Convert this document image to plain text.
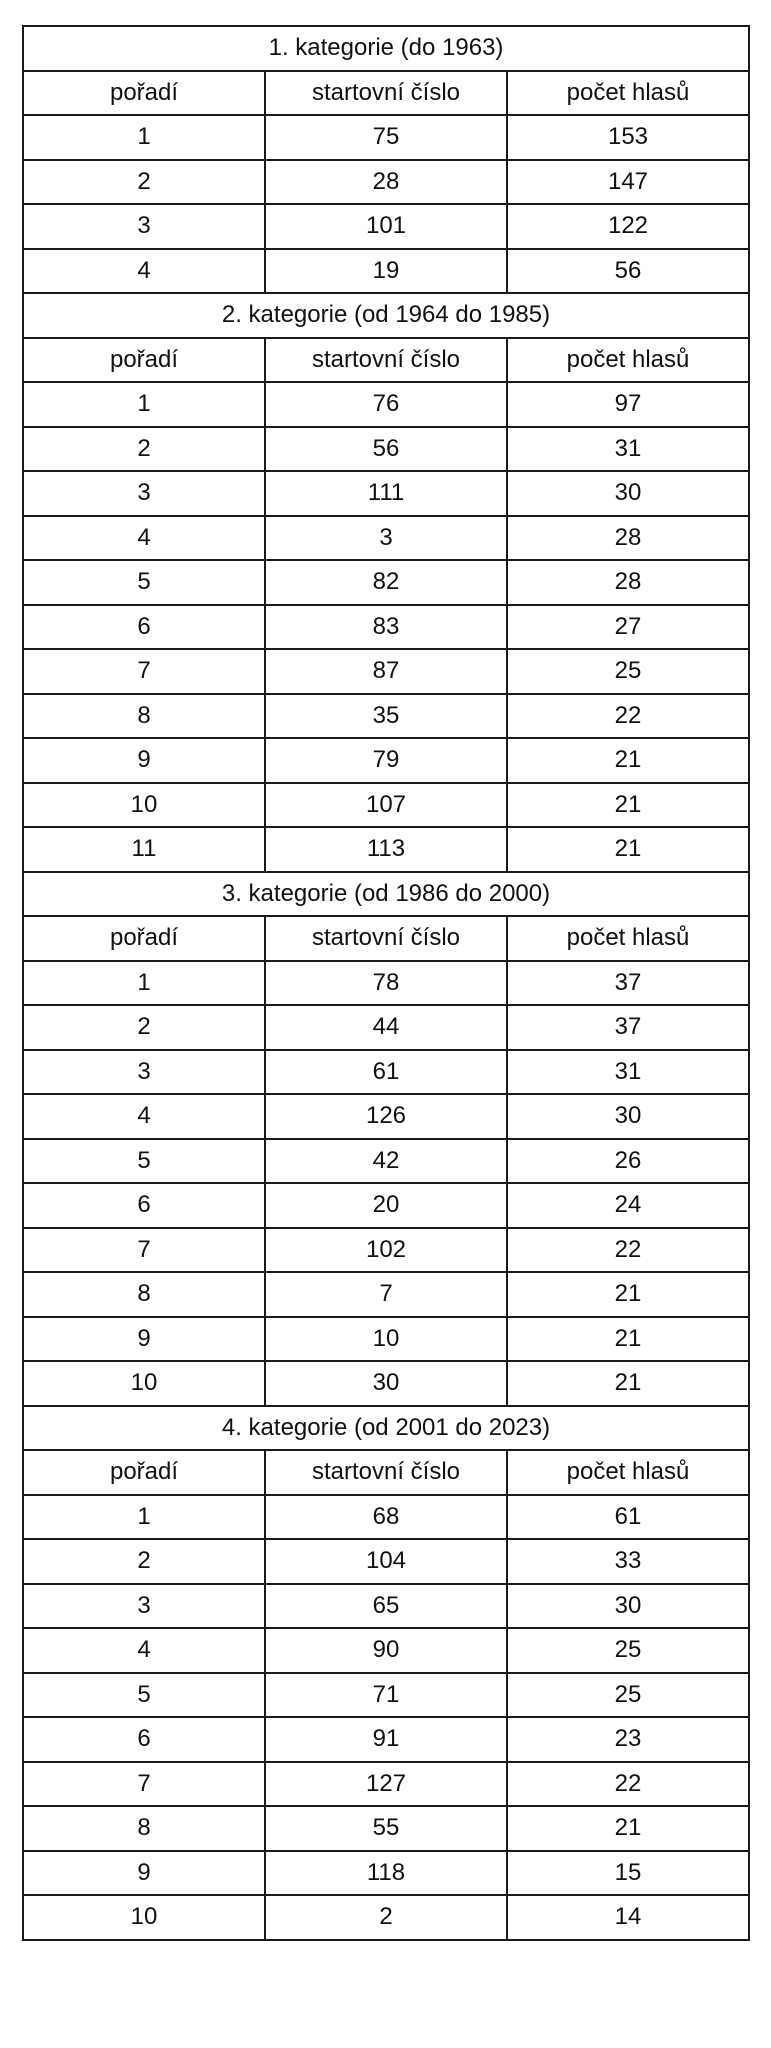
1. kategorie (do 1963)		
pořadí	startovní číslo	počet hlasů
1	75	153
2	28	147
3	101	122
4	19	56
2. kategorie (od 1964 do 1985)		
pořadí	startovní číslo	počet hlasů
1	76	97
2	56	31
3	111	30
4	3	28
5	82	28
6	83	27
7	87	25
8	35	22
9	79	21
10	107	21
11	113	21
3. kategorie (od 1986 do 2000)		
pořadí	startovní číslo	počet hlasů
1	78	37
2	44	37
3	61	31
4	126	30
5	42	26
6	20	24
7	102	22
8	7	21
9	10	21
10	30	21
4. kategorie (od 2001 do 2023)		
pořadí	startovní číslo	počet hlasů
1	68	61
2	104	33
3	65	30
4	90	25
5	71	25
6	91	23
7	127	22
8	55	21
9	118	15
10	2	14
